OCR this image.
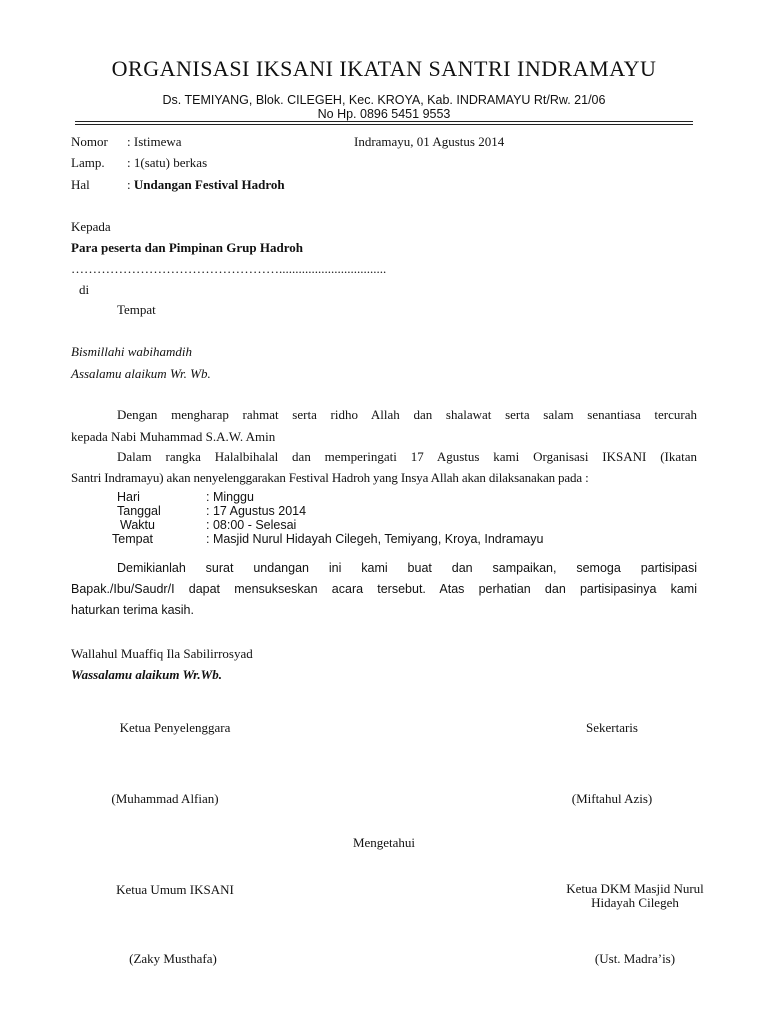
ORGANISASI IKSANI IKATAN SANTRI INDRAMAYU
Ds. TEMIYANG, Blok. CILEGEH, Kec. KROYA, Kab. INDRAMAYU Rt/Rw. 21/06
No Hp. 0896 5451 9553
Nomor : Istimewa	Indramayu, 01 Agustus 2014
Lamp. : 1(satu) berkas
Hal	: Undangan Festival Hadroh
Kepada
Para peserta dan Pimpinan Grup Hadroh
………………………………………….................................
di
Tempat
Bismillahi wabihamdih
Assalamu alaikum Wr. Wb.
Dengan mengharap rahmat serta ridho Allah dan shalawat serta salam senantiasa tercurah
kepada Nabi Muhammad S.A.W. Amin
Dalam rangka Halalbihalal dan memperingati 17 Agustus kami Organisasi IKSANI (Ikatan
Santri Indramayu) akan nenyelenggarakan Festival Hadroh yang Insya Allah akan dilaksanakan pada :
Hari	: Minggu
Tanggal	: 17 Agustus 2014
Waktu	: 08:00 - Selesai
Tempat	: Masjid Nurul Hidayah Cilegeh, Temiyang, Kroya, Indramayu
Demikianlah surat undangan ini kami buat dan sampaikan, semoga partisipasi
Bapak./Ibu/Saudr/I dapat mensukseskan acara tersebut. Atas perhatian dan partisipasinya kami
haturkan terima kasih.
Wallahul Muaffiq Ila Sabilirrosyad
Wassalamu alaikum Wr.Wb.
Ketua Penyelenggara	Sekertaris
(Muhammad Alfian)	(Miftahul Azis)
Mengetahui
Ketua Umum IKSANI	Ketua DKM Masjid Nurul
Hidayah Cilegeh
(Zaky Musthafa)	(Ust. Madra’is)
